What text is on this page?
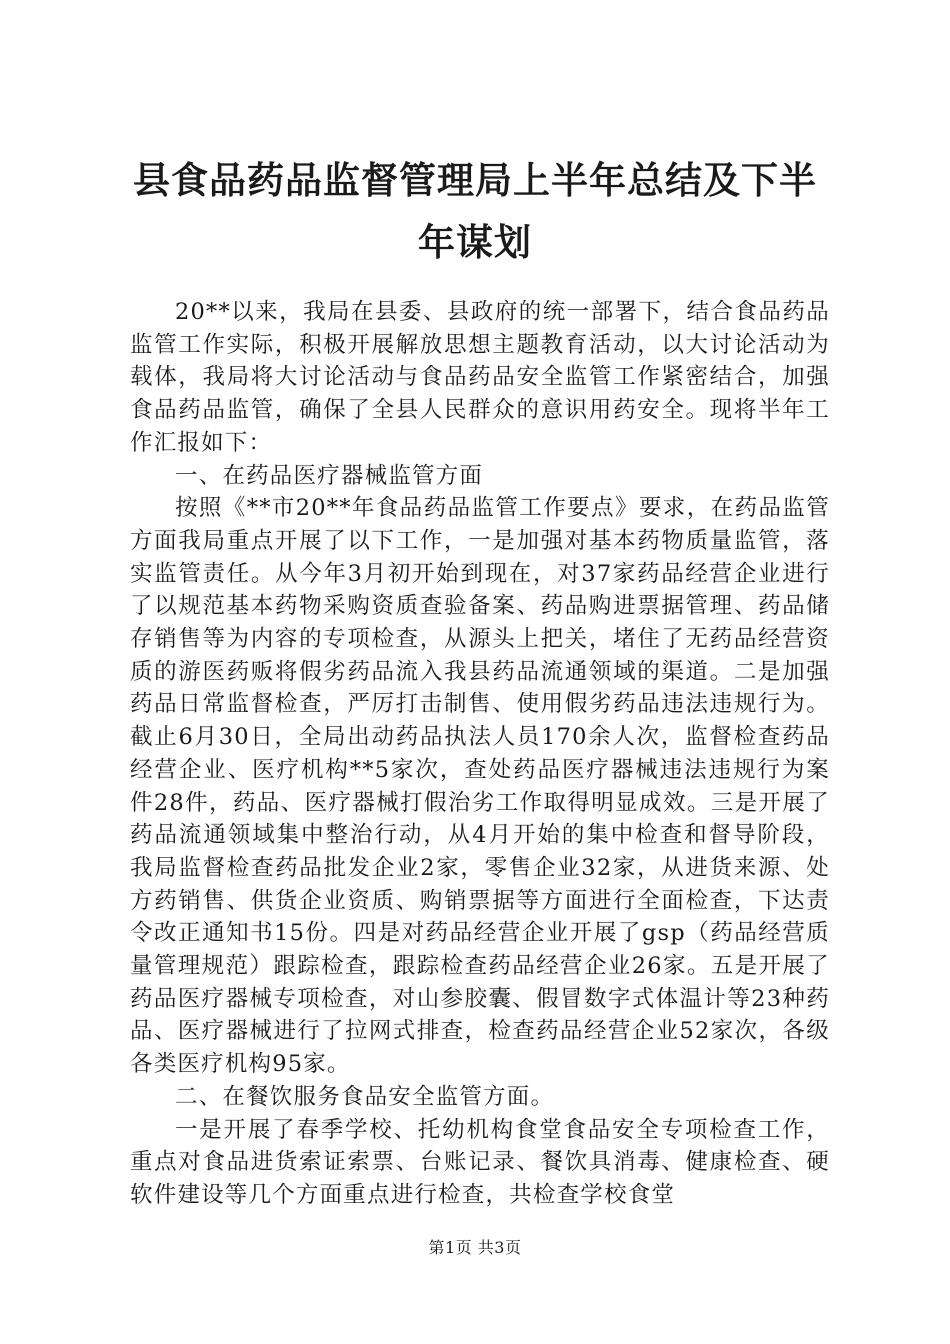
县食品药品监督管理局上半年总结及下半年谋划

20**以来，我局在县委、县政府的统一部署下，结合食品药品监管工作实际，积极开展解放思想主题教育活动，以大讨论活动为载体，我局将大讨论活动与食品药品安全监管工作紧密结合，加强食品药品监管，确保了全县人民群众的意识用药安全。现将半年工作汇报如下：

一、在药品医疗器械监管方面

按照《**市20**年食品药品监管工作要点》要求，在药品监管方面我局重点开展了以下工作，一是加强对基本药物质量监管，落实监管责任。从今年3月初开始到现在，对37家药品经营企业进行了以规范基本药物采购资质查验备案、药品购进票据管理、药品储存销售等为内容的专项检查，从源头上把关，堵住了无药品经营资质的游医药贩将假劣药品流入我县药品流通领域的渠道。二是加强药品日常监督检查，严厉打击制售、使用假劣药品违法违规行为。截止6月30日，全局出动药品执法人员170余人次，监督检查药品经营企业、医疗机构**5家次，查处药品医疗器械违法违规行为案件28件，药品、医疗器械打假治劣工作取得明显成效。三是开展了药品流通领域集中整治行动，从4月开始的集中检查和督导阶段，我局监督检查药品批发企业2家，零售企业32家，从进货来源、处方药销售、供货企业资质、购销票据等方面进行全面检查，下达责令改正通知书15份。四是对药品经营企业开展了gsp（药品经营质量管理规范）跟踪检查，跟踪检查药品经营企业26家。五是开展了药品医疗器械专项检查，对山参胶囊、假冒数字式体温计等23种药品、医疗器械进行了拉网式排查，检查药品经营企业52家次，各级各类医疗机构95家。

二、在餐饮服务食品安全监管方面。

一是开展了春季学校、托幼机构食堂食品安全专项检查工作，重点对食品进货索证索票、台账记录、餐饮具消毒、健康检查、硬软件建设等几个方面重点进行检查，共检查学校食堂

第1页 共3页
